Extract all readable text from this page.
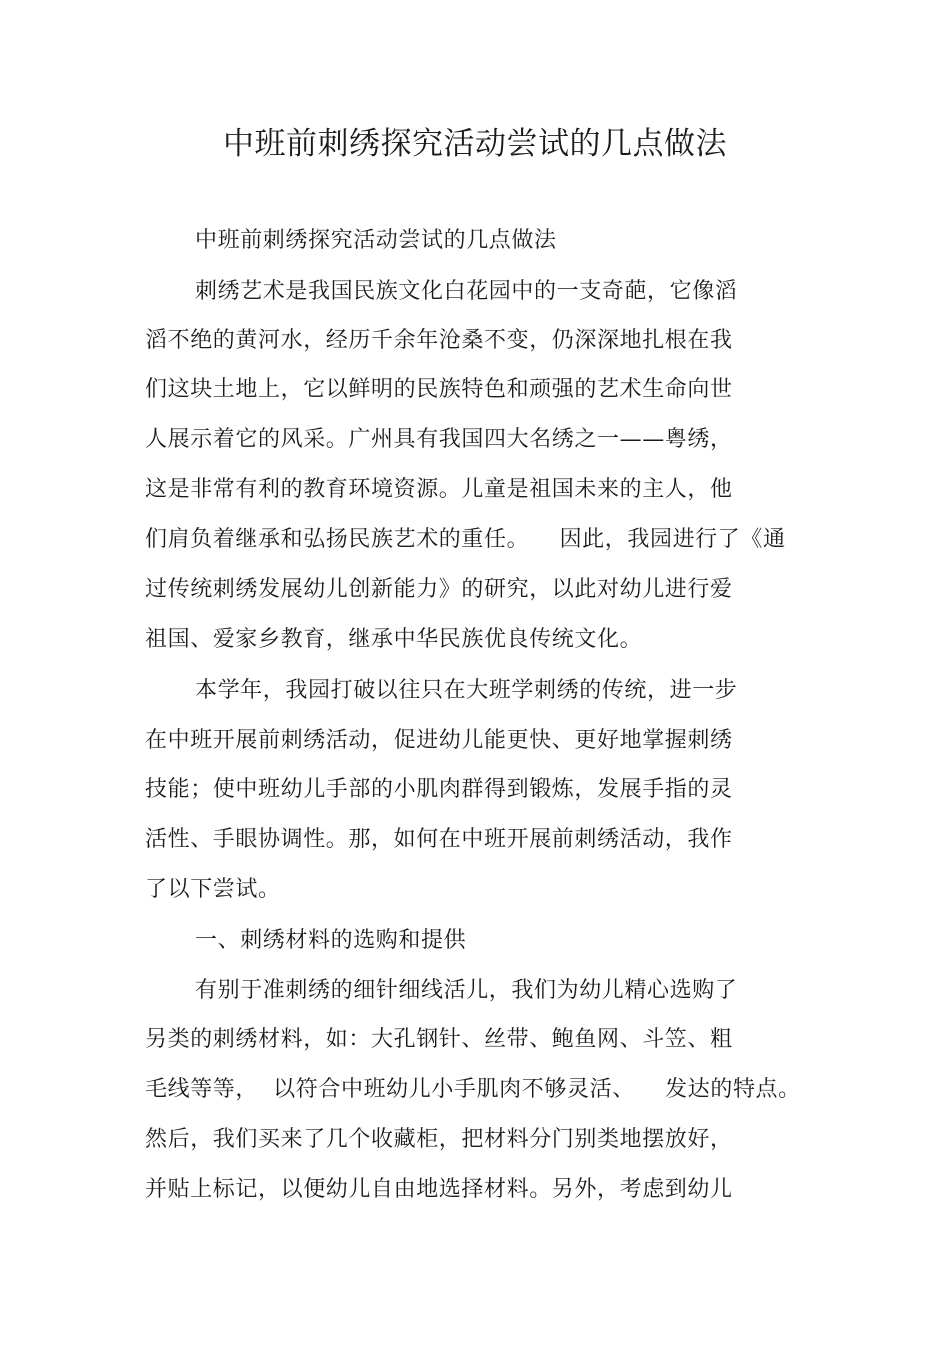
中班前刺绣探究活动尝试的几点做法
中班前刺绣探究活动尝试的几点做法
刺绣艺术是我国民族文化白花园中的一支奇葩，它像滔
滔不绝的黄河水，经历千余年沧桑不变，仍深深地扎根在我
们这块土地上，它以鲜明的民族特色和顽强的艺术生命向世
人展示着它的风采。广州具有我国四大名绣之一——粤绣，
这是非常有利的教育环境资源。儿童是祖国未来的主人，他
们肩负着继承和弘扬民族艺术的重任。    因此，我园进行了《通
过传统刺绣发展幼儿创新能力》的研究，以此对幼儿进行爱
祖国、爱家乡教育，继承中华民族优良传统文化。
本学年，我园打破以往只在大班学刺绣的传统，进一步
在中班开展前刺绣活动，促进幼儿能更快、更好地掌握刺绣
技能；使中班幼儿手部的小肌肉群得到锻炼，发展手指的灵
活性、手眼协调性。那，如何在中班开展前刺绣活动，我作
了以下尝试。
一、刺绣材料的选购和提供
有别于准刺绣的细针细线活儿，我们为幼儿精心选购了
另类的刺绣材料，如：大孔钢针、丝带、鲍鱼网、斗笠、粗
毛线等等，  以符合中班幼儿小手肌肉不够灵活、    发达的特点。
然后，我们买来了几个收藏柜，把材料分门别类地摆放好，
并贴上标记，以便幼儿自由地选择材料。另外，考虑到幼儿
